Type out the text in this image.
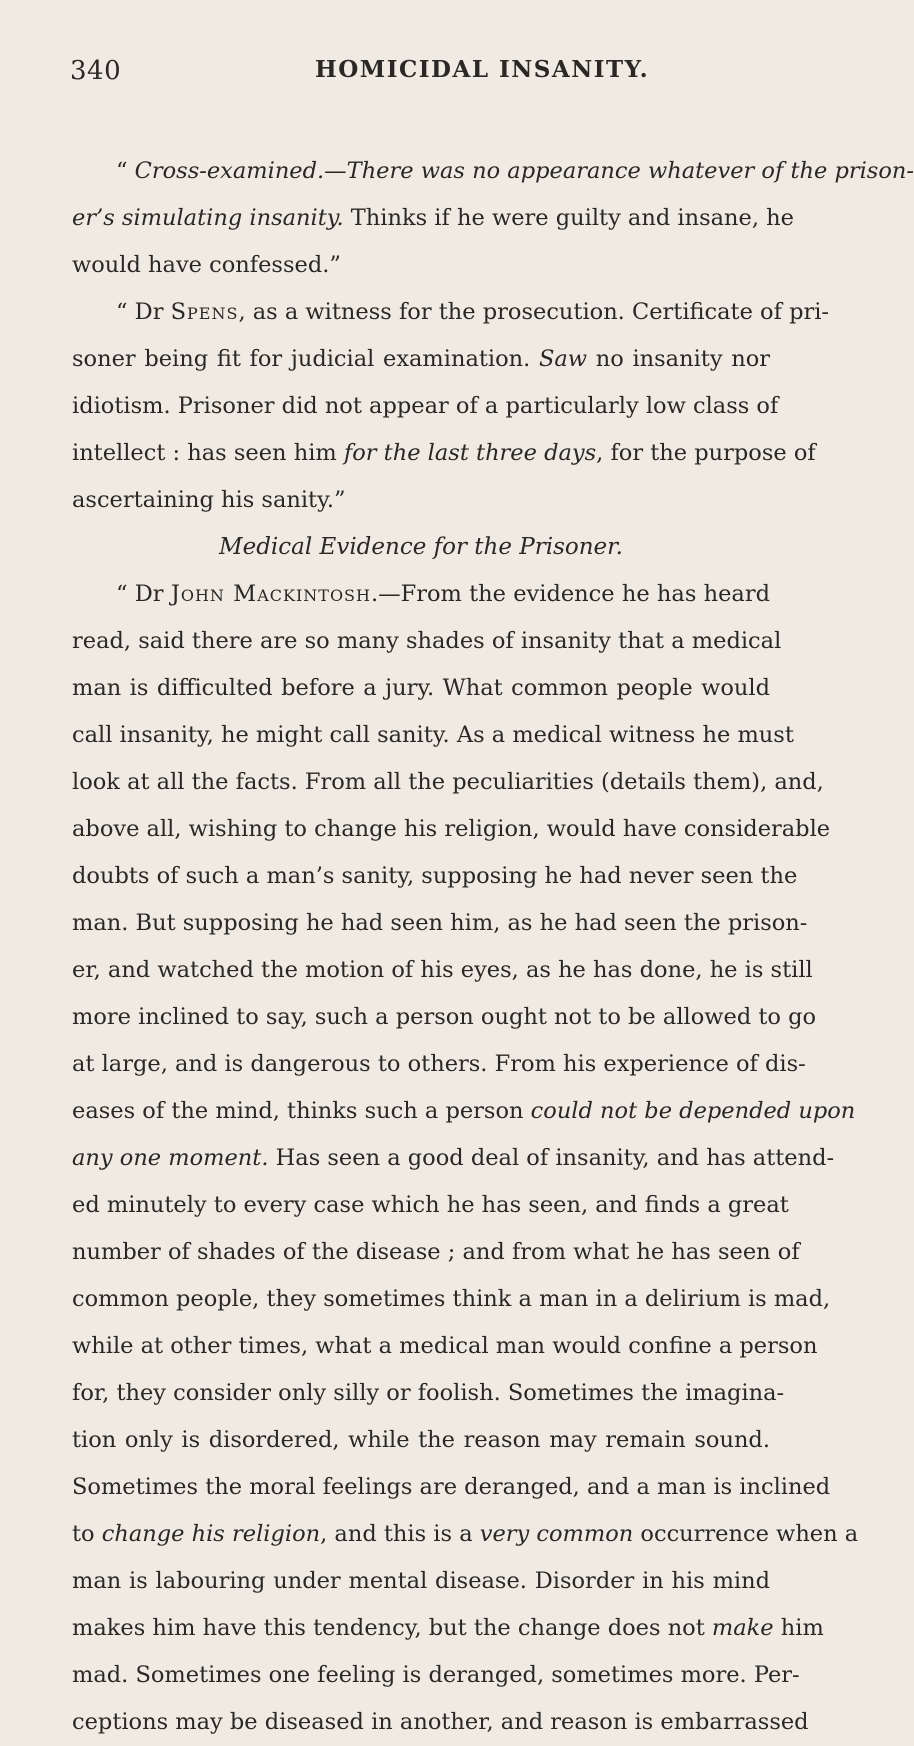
340	HOMICIDAL INSANITY.
“ Cross-examined.—There was no appearance whatever of the prison-
er’s simulating insanity. Thinks if he were guilty and insane, he
would have confessed.”
“ Dr Spens, as a witness for the prosecution. Certificate of pri-
soner being fit for judicial examination. Saw no insanity nor
idiotism. Prisoner did not appear of a particularly low class of
intellect : has seen him for the last three days, for the purpose of
ascertaining his sanity.”
Medical Evidence for the Prisoner.
“ Dr John Mackintosh.—From the evidence he has heard
read, said there are so many shades of insanity that a medical
man is difficulted before a jury. What common people would
call insanity, he might call sanity. As a medical witness he must
look at all the facts. From all the peculiarities (details them), and,
above all, wishing to change his religion, would have considerable
doubts of such a man’s sanity, supposing he had never seen the
man. But supposing he had seen him, as he had seen the prison-
er, and watched the motion of his eyes, as he has done, he is still
more inclined to say, such a person ought not to be allowed to go
at large, and is dangerous to others. From his experience of dis-
eases of the mind, thinks such a person could not be depended upon
any one moment. Has seen a good deal of insanity, and has attend-
ed minutely to every case which he has seen, and finds a great
number of shades of the disease ; and from what he has seen of
common people, they sometimes think a man in a delirium is mad,
while at other times, what a medical man would confine a person
for, they consider only silly or foolish. Sometimes the imagina-
tion only is disordered, while the reason may remain sound.
Sometimes the moral feelings are deranged, and a man is inclined
to change his religion, and this is a very common occurrence when a
man is labouring under mental disease. Disorder in his mind
makes him have this tendency, but the change does not make him
mad. Sometimes one feeling is deranged, sometimes more. Per-
ceptions may be diseased in another, and reason is embarrassed
